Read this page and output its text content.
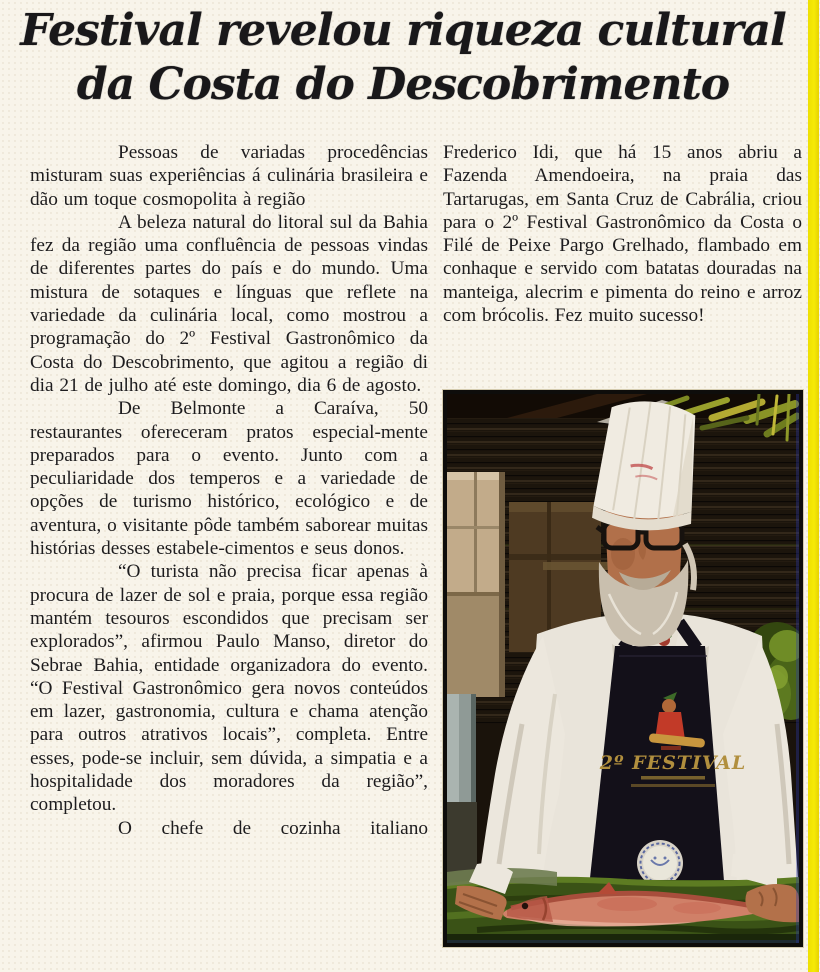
Festival revelou riqueza cultural
da Costa do Descobrimento

Pessoas de variadas procedências misturam suas experiências á culinária brasileira e dão um toque cosmopolita à região

A beleza natural do litoral sul da Bahia fez da região uma confluência de pessoas vindas de diferentes partes do país e do mundo. Uma mistura de sotaques e línguas que reflete na variedade da culinária local, como mostrou a programação do 2º Festival Gastronômico da Costa do Descobrimento, que agitou a região di dia 21 de julho até este domingo, dia 6 de agosto.

De Belmonte a Caraíva, 50 restaurantes ofereceram pratos especial-mente preparados para o evento. Junto com a peculiaridade dos temperos e a variedade de opções de turismo histórico, ecológico e de aventura, o visitante pôde também saborear muitas histórias desses estabele-cimentos e seus donos.

“O turista não precisa ficar apenas à procura de lazer de sol e praia, porque essa região mantém tesouros escondidos que precisam ser explorados”, afirmou Paulo Manso, diretor do Sebrae Bahia, entidade organizadora do evento. “O Festival Gastronômico gera novos conteúdos em lazer, gastronomia, cultura e chama atenção para outros atrativos locais”, completa. Entre esses, pode-se incluir, sem dúvida, a simpatia e a hospitalidade dos moradores da região”, completou.

O chefe de cozinha italiano

Frederico Idi, que há 15 anos abriu a Fazenda Amendoeira, na praia das Tartarugas, em Santa Cruz de Cabrália, criou para o 2º Festival Gastronômico da Costa o Filé de Peixe Pargo Grelhado, flambado em conhaque e servido com batatas douradas na manteiga, alecrim e pimenta do reino e arroz com brócolis. Fez muito sucesso!

2º FESTIVAL
